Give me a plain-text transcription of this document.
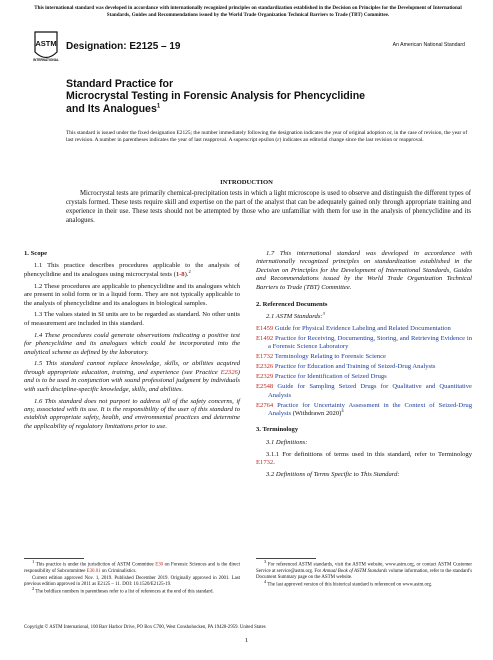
This international standard was developed in accordance with internationally recognized principles on standardization established in the Decision on Principles for the Development of International Standards, Guides and Recommendations issued by the World Trade Organization Technical Barriers to Trade (TBT) Committee.
ASTM
INTERNATIONAL
Designation: E2125 – 19	An American National Standard
Standard Practice for
Microcrystal Testing in Forensic Analysis for Phencyclidine
and Its Analogues$^1$
This standard is issued under the fixed designation E2125; the number immediately following the designation indicates the year of original adoption or, in the case of revision, the year of last revision. A number in parentheses indicates the year of last reapproval. A superscript epsilon (ε) indicates an editorial change since the last revision or reapproval.
INTRODUCTION
Microcrystal tests are primarily chemical-precipitation tests in which a light microscope is used to observe and distinguish the different types of crystals formed. These tests require skill and expertise on the part of the analyst that can be adequately gained only through appropriate training and experience in their use. These tests should not be attempted by those who are unfamiliar with them for use in the analysis of phencyclidine and its analogues.
1. Scope

1.1 This practice describes procedures applicable to the analysis of phencyclidine and its analogues using microcrystal tests (1-8).$^2$

1.2 These procedures are applicable to phencyclidine and its analogues which are present in solid form or in a liquid form. They are not typically applicable to the analysis of phencyclidine and its analogues in biological samples.

1.3 The values stated in SI units are to be regarded as standard. No other units of measurement are included in this standard.

1.4 These procedures could generate observations indicating a positive test for phencyclidine and its analogues which could be incorporated into the analytical scheme as defined by the laboratory.

1.5 This standard cannot replace knowledge, skills, or abilities acquired through appropriate education, training, and experience (see Practice E2326) and is to be used in conjunction with sound professional judgment by individuals with such discipline-specific knowledge, skills, and abilities.

1.6 This standard does not purport to address all of the safety concerns, if any, associated with its use. It is the responsibility of the user of this standard to establish appropriate safety, health, and environmental practices and determine the applicability of regulatory limitations prior to use.

1.7 This international standard was developed in accordance with internationally recognized principles on standardization established in the Decision on Principles for the Development of International Standards, Guides and Recommendations issued by the World Trade Organization Technical Barriers to Trade (TBT) Committee.

2. Referenced Documents

2.1 ASTM Standards:$^3$

E1459 Guide for Physical Evidence Labeling and Related Documentation
E1492 Practice for Receiving, Documenting, Storing, and Retrieving Evidence in a Forensic Science Laboratory
E1732 Terminology Relating to Forensic Science
E2326 Practice for Education and Training of Seized-Drug Analysts
E2329 Practice for Identification of Seized Drugs
E2548 Guide for Sampling Seized Drugs for Qualitative and Quantitative Analysis
E2764 Practice for Uncertainty Assessment in the Context of Seized-Drug Analysis (Withdrawn 2020)$^4$
3. Terminology

3.1 Definitions:

3.1.1 For definitions of terms used in this standard, refer to Terminology E1732.

3.2 Definitions of Terms Specific to This Standard:

$^1$ This practice is under the jurisdiction of ASTM Committee E30 on Forensic Sciences and is the direct responsibility of Subcommittee E30.01 on Criminalistics.

Current edition approved Nov. 1, 2019. Published December 2019. Originally approved in 2001. Last previous edition approved in 2011 as E2125 – 11. DOI: 10.1520/E2125-19.

$^2$ The boldface numbers in parentheses refer to a list of references at the end of this standard.

$^3$ For referenced ASTM standards, visit the ASTM website, www.astm.org, or contact ASTM Customer Service at service@astm.org. For Annual Book of ASTM Standards volume information, refer to the standard's Document Summary page on the ASTM website.

$^4$ The last approved version of this historical standard is referenced on www.astm.org.

Copyright © ASTM International, 100 Barr Harbor Drive, PO Box C700, West Conshohocken, PA 19428-2959. United States
1
